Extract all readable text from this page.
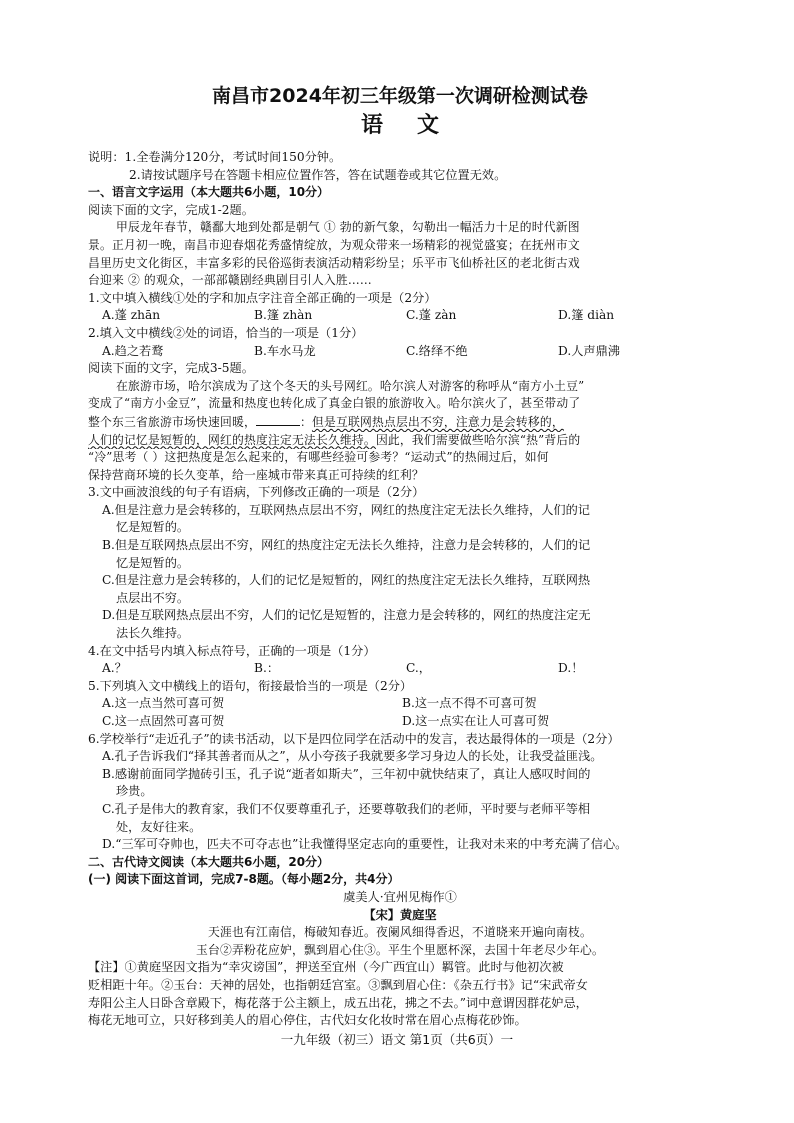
南昌市2024年初三年级第一次调研检测试卷
语文

说明：1.全卷满分120分，考试时间150分钟。

2.请按试题序号在答题卡相应位置作答，答在试题卷或其它位置无效。

一、语言文字运用（本大题共6小题，10分）

阅读下面的文字，完成1-2题。

甲辰龙年春节，赣鄱大地到处都是朝气 ① 勃的新气象，勾勒出一幅活力十足的时代新图

景。正月初一晚，南昌市迎春烟花秀盛情绽放，为观众带来一场精彩的视觉盛宴；在抚州市文

昌里历史文化街区，丰富多彩的民俗巡街表演活动精彩纷呈；乐平市飞仙桥社区的老北街古戏

台迎来 ② 的观众，一部部赣剧经典剧目引人入胜……

1.文中填入横线①处的字和加点字注音全部正确的一项是（2分）

A.蓬 zhān	B.篷 zhàn	C.蓬 zàn	D.篷 diàn

2.填入文中横线②处的词语，恰当的一项是（1分）

A.趋之若鹜	B.车水马龙	C.络绎不绝	D.人声鼎沸

阅读下面的文字，完成3-5题。

在旅游市场，哈尔滨成为了这个冬天的头号网红。哈尔滨人对游客的称呼从“南方小土豆”

变成了“南方小金豆”，流量和热度也转化成了真金白银的旅游收入。哈尔滨火了，甚至带动了

整个东三省旅游市场快速回暖，	：但是互联网热点层出不穷，注意力是会转移的，

人们的记忆是短暂的，网红的热度注定无法长久维持。因此，我们需要做些哈尔滨“热”背后的

“冷”思考（ ）这把热度是怎么起来的，有哪些经验可参考？“运动式”的热闹过后，如何

保持营商环境的长久变革，给一座城市带来真正可持续的红利？

3.文中画波浪线的句子有语病，下列修改正确的一项是（2分）

A.但是注意力是会转移的，互联网热点层出不穷，网红的热度注定无法长久维持，人们的记

忆是短暂的。

B.但是互联网热点层出不穷，网红的热度注定无法长久维持，注意力是会转移的，人们的记

忆是短暂的。

C.但是注意力是会转移的，人们的记忆是短暂的，网红的热度注定无法长久维持，互联网热

点层出不穷。

D.但是互联网热点层出不穷，人们的记忆是短暂的，注意力是会转移的，网红的热度注定无

法长久维持。

4.在文中括号内填入标点符号，正确的一项是（1分）

A.？	B.：	C.，	D.！

5.下列填入文中横线上的语句，衔接最恰当的一项是（2分）

A.这一点当然可喜可贺	B.这一点不得不可喜可贺
C.这一点固然可喜可贺	D.这一点实在让人可喜可贺

6.学校举行“走近孔子”的读书活动，以下是四位同学在活动中的发言，表达最得体的一项是（2分）

A.孔子告诉我们“择其善者而从之”，从小夸孩子我就要多学习身边人的长处，让我受益匪浅。

B.感谢前面同学抛砖引玉，孔子说“逝者如斯夫”，三年初中就快结束了，真让人感叹时间的

珍贵。

C.孔子是伟大的教育家，我们不仅要尊重孔子，还要尊敬我们的老师，平时要与老师平等相

处，友好往来。

D.“三军可夺帅也，匹夫不可夺志也”让我懂得坚定志向的重要性，让我对未来的中考充满了信心。

二、古代诗文阅读（本大题共6小题，20分）

(一) 阅读下面这首词，完成7-8题。（每小题2分，共4分）

虞美人·宜州见梅作①

【宋】黄庭坚

天涯也有江南信，梅破知春近。夜阑风细得香迟，不道晓来开遍向南枝。

玉台②弄粉花应妒，飘到眉心住③。平生个里愿杯深，去国十年老尽少年心。

【注】①黄庭坚因文指为“幸灾谤国”，押送至宜州（今广西宜山）羁管。此时与他初次被

贬相距十年。②玉台：天神的居处，也指朝廷宫室。③飘到眉心住：《杂五行书》记“宋武帝女

寿阳公主人日卧含章殿下，梅花落于公主额上，成五出花，拂之不去。”词中意谓因群花妒忌，

梅花无地可立，只好移到美人的眉心停住，古代妇女化妆时常在眉心点梅花砂饰。

一九年级（初三）语文 第1页（共6页）一
